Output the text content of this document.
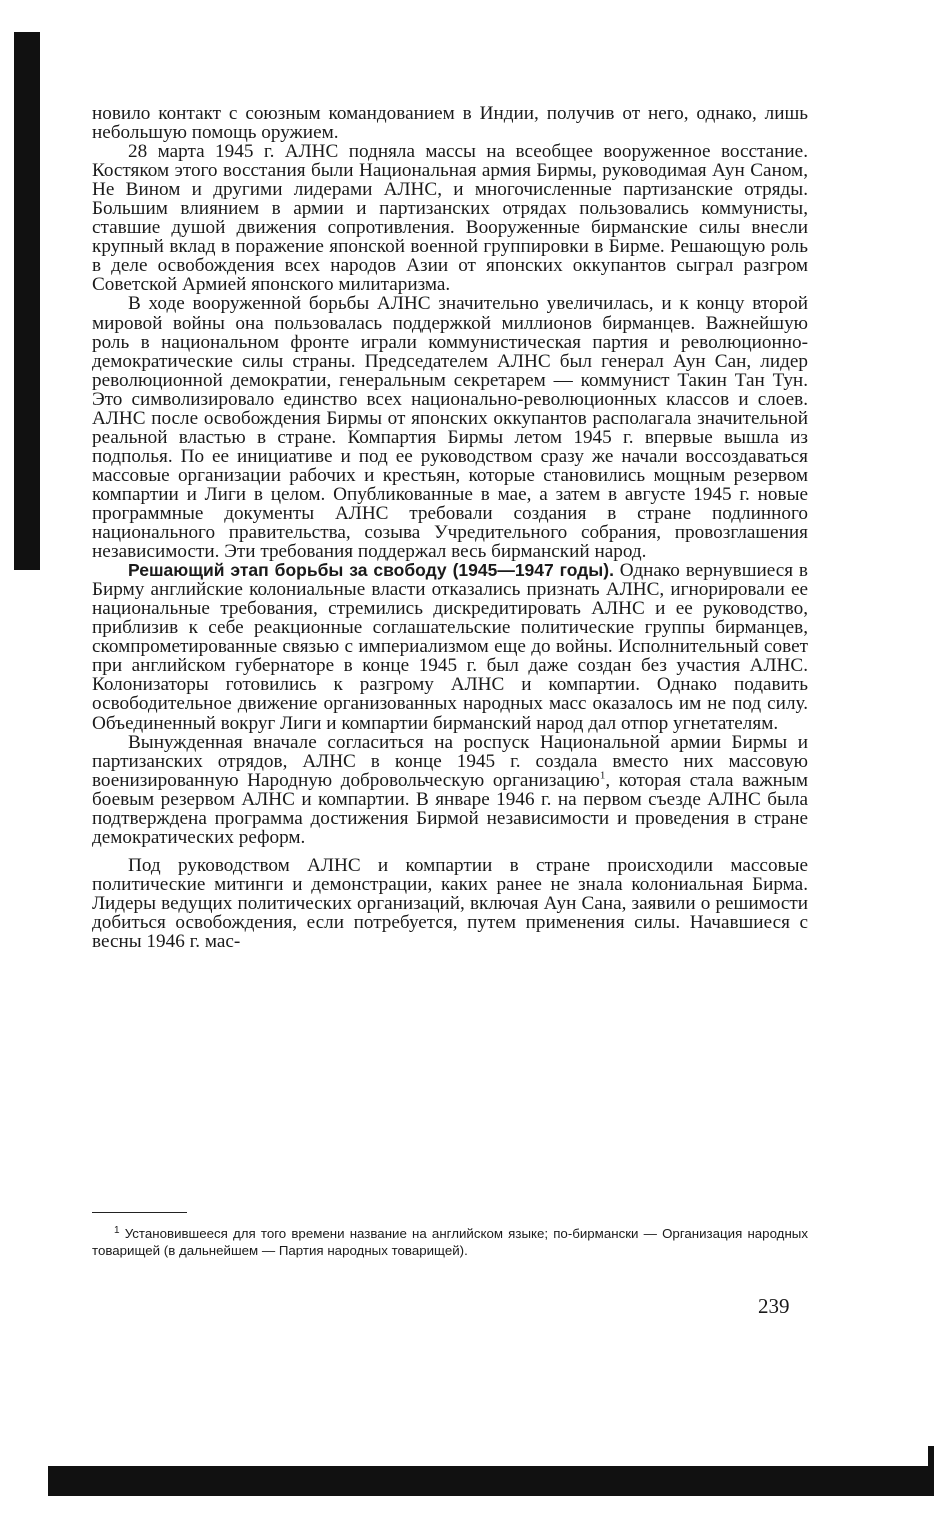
новило контакт с союзным командованием в Индии, получив от него, однако, лишь небольшую помощь оружием.

28 марта 1945 г. АЛНС подняла массы на всеобщее вооруженное восстание. Костяком этого восстания были Национальная армия Бирмы, руководимая Аун Саном, Не Вином и другими лидерами АЛНС, и многочисленные партизанские отряды. Большим влиянием в армии и партизанских отрядах пользовались коммунисты, ставшие душой движения сопротивления. Вооруженные бирманские силы внесли крупный вклад в поражение японской военной группировки в Бирме. Решающую роль в деле освобождения всех народов Азии от японских оккупантов сыграл разгром Советской Армией японского милитаризма.

В ходе вооруженной борьбы АЛНС значительно увеличилась, и к концу второй мировой войны она пользовалась поддержкой миллионов бирманцев. Важнейшую роль в национальном фронте играли коммунистическая партия и революционно-демократические силы страны. Председателем АЛНС был генерал Аун Сан, лидер революционной демократии, генеральным секретарем — коммунист Такин Тан Тун. Это символизировало единство всех национально-революционных классов и слоев. АЛНС после освобождения Бирмы от японских оккупантов располагала значительной реальной властью в стране. Компартия Бирмы летом 1945 г. впервые вышла из подполья. По ее инициативе и под ее руководством сразу же начали воссоздаваться массовые организации рабочих и крестьян, которые становились мощным резервом компартии и Лиги в целом. Опубликованные в мае, а затем в августе 1945 г. новые программные документы АЛНС требовали создания в стране подлинного национального правительства, созыва Учредительного собрания, провозглашения независимости. Эти требования поддержал весь бирманский народ.

Решающий этап борьбы за свободу (1945—1947 годы). Однако вернувшиеся в Бирму английские колониальные власти отказались признать АЛНС, игнорировали ее национальные требования, стремились дискредитировать АЛНС и ее руководство, приблизив к себе реакционные соглашательские политические группы бирманцев, скомпрометированные связью с империализмом еще до войны. Исполнительный совет при английском губернаторе в конце 1945 г. был даже создан без участия АЛНС. Колонизаторы готовились к разгрому АЛНС и компартии. Однако подавить освободительное движение организованных народных масс оказалось им не под силу. Объединенный вокруг Лиги и компартии бирманский народ дал отпор угнетателям.

Вынужденная вначале согласиться на роспуск Национальной армии Бирмы и партизанских отрядов, АЛНС в конце 1945 г. создала вместо них массовую военизированную Народную добровольческую организацию$^1$, которая стала важным боевым резервом АЛНС и компартии. В январе 1946 г. на первом съезде АЛНС была подтверждена программа достижения Бирмой независимости и проведения в стране демократических реформ.

Под руководством АЛНС и компартии в стране происходили массовые политические митинги и демонстрации, каких ранее не знала колониальная Бирма. Лидеры ведущих политических организаций, включая Аун Сана, заявили о решимости добиться освобождения, если потребуется, путем применения силы. Начавшиеся с весны 1946 г. мас-

$^1$ Установившееся для того времени название на английском языке; по-бирмански — Организация народных товарищей (в дальнейшем — Партия народных товарищей).
239
